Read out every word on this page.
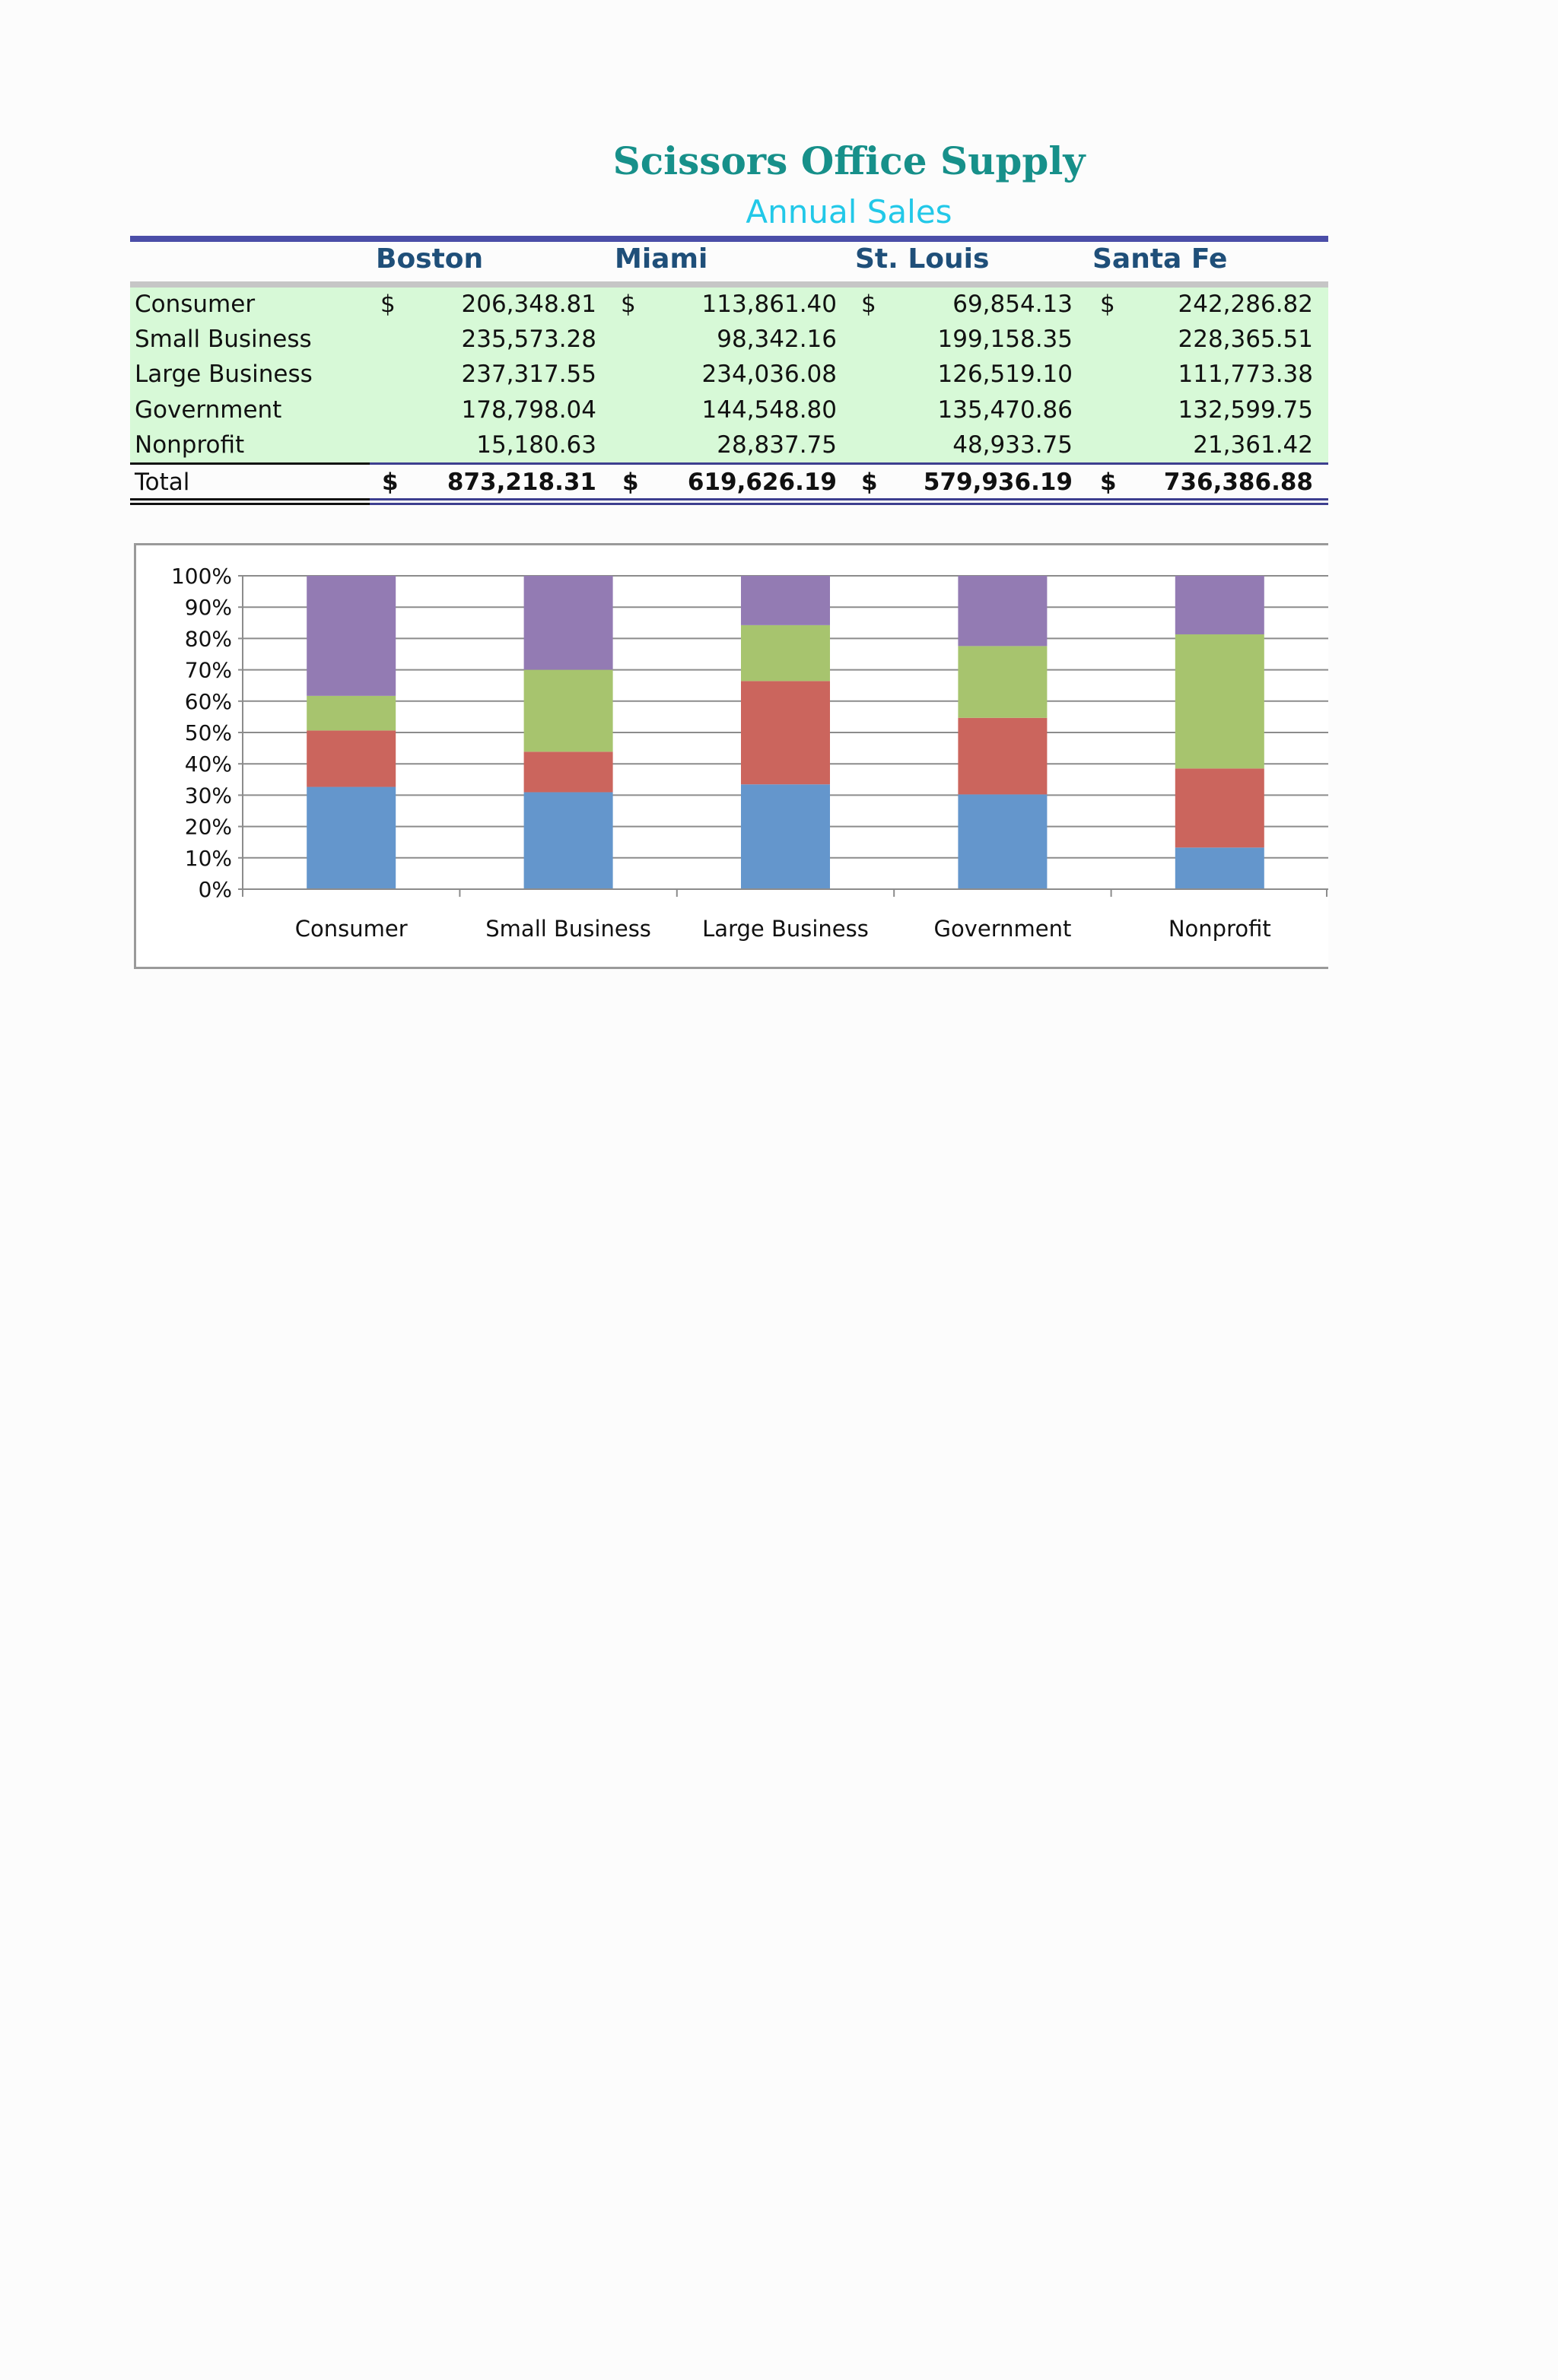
Scissors Office Supply
Annual Sales
Boston	Miami	St. Louis	Santa Fe
Consumer	$	206,348.81 $	113,861.40 $	69,854.13 $	242,286.82
Small Business	235,573.28	98,342.16	199,158.35	228,365.51
Large Business	237,317.55	234,036.08	126,519.10	111,773.38
Government	178,798.04	144,548.80	135,470.86	132,599.75
Nonprofit	15,180.63	28,837.75	48,933.75	21,361.42
Total	$ 873,218.31 $ 619,626.19 $ 579,936.19 $ 736,386.88
0%
10%
20%
30%
40%
50%
60%
70%
80%
90%
100%
Consumer	Small Business Large Business	Government	Nonprofit
